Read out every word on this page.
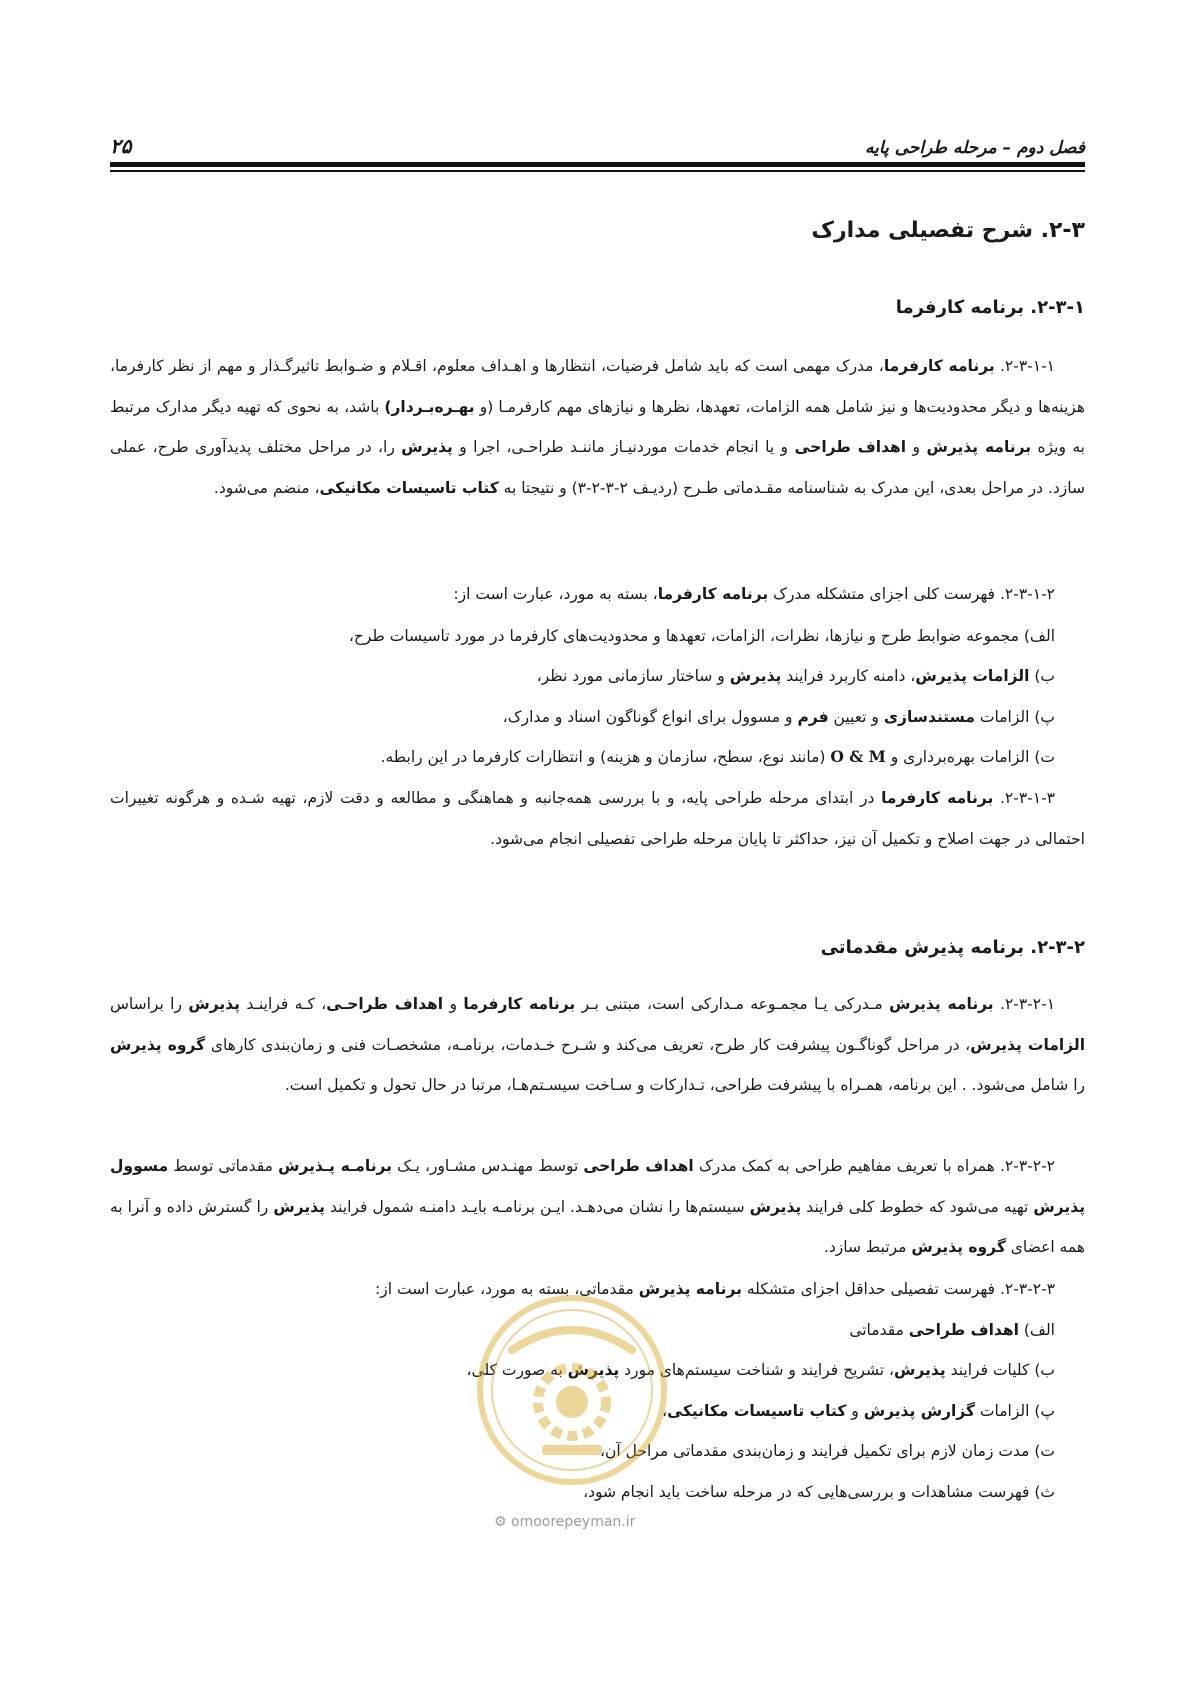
فصل دوم – مرحله طراحی پایه
۲۵
۲-۳. شرح تفصیلی مدارک
۲-۳-۱. برنامه کارفرما

۲-۳-۱-۱. برنامه کارفرما، مدرک مهمی است که باید شامل فرضیات، انتظارها و اهـداف معلوم، اقـلام و ضـوابط تاثیرگـذار و مهم از نظر کارفرما، هزینه‌ها و دیگر محدودیت‌ها و نیز شامل همه الزامات، تعهدها، نظرها و نیازهای مهم کارفرمـا (و بهـره‌بـردار) باشد، به نحوی که تهیه دیگر مدارک مرتبط به ویژه برنامه پذیرش و اهداف طراحی و یا انجام خدمات موردنیـاز ماننـد طراحـی، اجرا و پذیرش را، در مراحل مختلف پدیدآوری طرح، عملی سازد. در مراحل بعدی، این مدرک به شناسنامه مقـدماتی طـرح (ردیـف ۲-۳-۲-۳) و نتیجتا به کتاب تاسیسات مکانیکی، منضم می‌شود.

۲-۳-۱-۲. فهرست کلی اجزای متشکله مدرک برنامه کارفرما، بسته به مورد، عبارت است از:

الف) مجموعه ضوابط طرح و نیازها، نظرات، الزامات، تعهدها و محدودیت‌های کارفرما در مورد تاسیسات طرح،

ب) الزامات پذیرش، دامنه کاربرد فرایند پذیرش و ساختار سازمانی مورد نظر،

پ) الزامات مستندسازی و تعیین فرم و مسوول برای انواع گوناگون اسناد و مدارک،

ت) الزامات بهره‌برداری و O & M (مانند نوع، سطح، سازمان و هزینه) و انتظارات کارفرما در این رابطه.

۲-۳-۱-۳. برنامه کارفرما در ابتدای مرحله طراحی پایه، و با بررسی همه‌جانبه و هماهنگی و مطالعه و دقت لازم، تهیه شـده و هرگونه تغییرات احتمالی در جهت اصلاح و تکمیل آن نیز، حداکثر تا پایان مرحله طراحی تفصیلی انجام می‌شود.

۲-۳-۲. برنامه پذیرش مقدماتی

۲-۳-۲-۱. برنامه پذیرش مـدرکی یـا مجمـوعه مـدارکی است، مبتنی بـر برنامه کارفرما و اهداف طراحـی، کـه فراینـد پذیرش را براساس الزامات پذیرش، در مراحل گوناگـون پیشرفت کار طرح، تعریف می‌کند و شـرح خـدمات، برنامـه، مشخصـات فنی و زمان‌بندی کارهای گروه پذیرش را شامل می‌شود. . این برنامه، همـراه با پیشرفت طراحی، تـدارکات و سـاخت سیسـتم‌هـا، مرتبا در حال تحول و تکمیل است.

۲-۳-۲-۲. همراه با تعریف مفاهیم طراحی به کمک مدرک اهداف طراحی توسط مهنـدس مشـاور، یـک برنامـه پـذیرش مقدماتی توسط مسوول پذیرش تهیه می‌شود که خطوط کلی فرایند پذیرش سیستم‌ها را نشان می‌دهـد. ایـن برنامـه بایـد دامنـه شمول فرایند پذیرش را گسترش داده و آنرا به همه اعضای گروه پذیرش مرتبط سازد.

۲-۳-۲-۳. فهرست تفصیلی حداقل اجزای متشکله برنامه پذیرش مقدماتی، بسته به مورد، عبارت است از:

الف) اهداف طراحی مقدماتی

ب) کلیات فرایند پذیرش، تشریح فرایند و شناخت سیستم‌های مورد پذیرش به صورت کلی،

پ) الزامات گزارش پذیرش و کتاب تاسیسات مکانیکی،

ت) مدت زمان لازم برای تکمیل فرایند و زمان‌بندی مقدماتی مراحل آن،

ث) فهرست مشاهدات و بررسی‌هایی که در مرحله ساخت باید انجام شود،

⚙ omoorepeyman.ir
